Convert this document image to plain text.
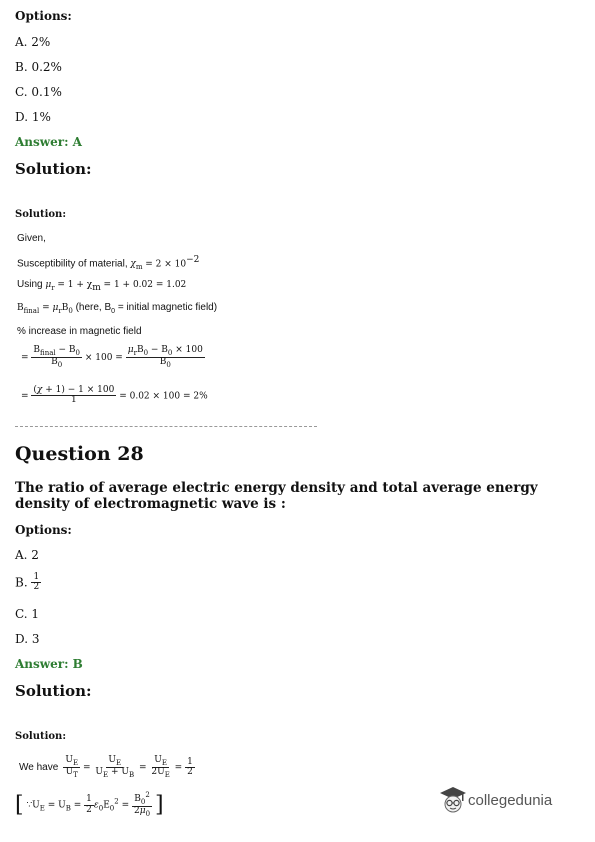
Options:
A. 2%
B. 0.2%
C. 0.1%
D. 1%
Answer: A
Solution:
Solution:
Given,
Susceptibility of material, $\chi_m = 2 \times 10^{-2}$
Using $\mu_r = 1 + \chi_m = 1 + 0.02 = 1.02$
$B_{final} = \mu_rB_0$ (here, $B_0$ = initial magnetic field)
% increase in magnetic field
= $\frac{B_{final} - B_0}{B_0} \times 100 = \frac{\mu_rB_0 - B_0 \times 100}{B_0}$
= $\frac{(\chi + 1) - 1 \times 100}{1} = 0.02 \times 100 = 2\%$
Question 28
The ratio of average electric energy density and total average energy density of electromagnetic wave is :
Options:
A. 2
B. $\frac{1}{2}$
C. 1
D. 3
Answer: B
Solution:
Solution:
We have $\frac{U_E}{U_T} = \frac{U_E}{U_E + U_B} = \frac{U_E}{2U_E} = \frac{1}{2}$
[ $\because U_E = U_B = \frac{1}{2} \varepsilon_0E_0^2 = \frac{B_0^2}{2\mu_0}$ ]	collegedunia
